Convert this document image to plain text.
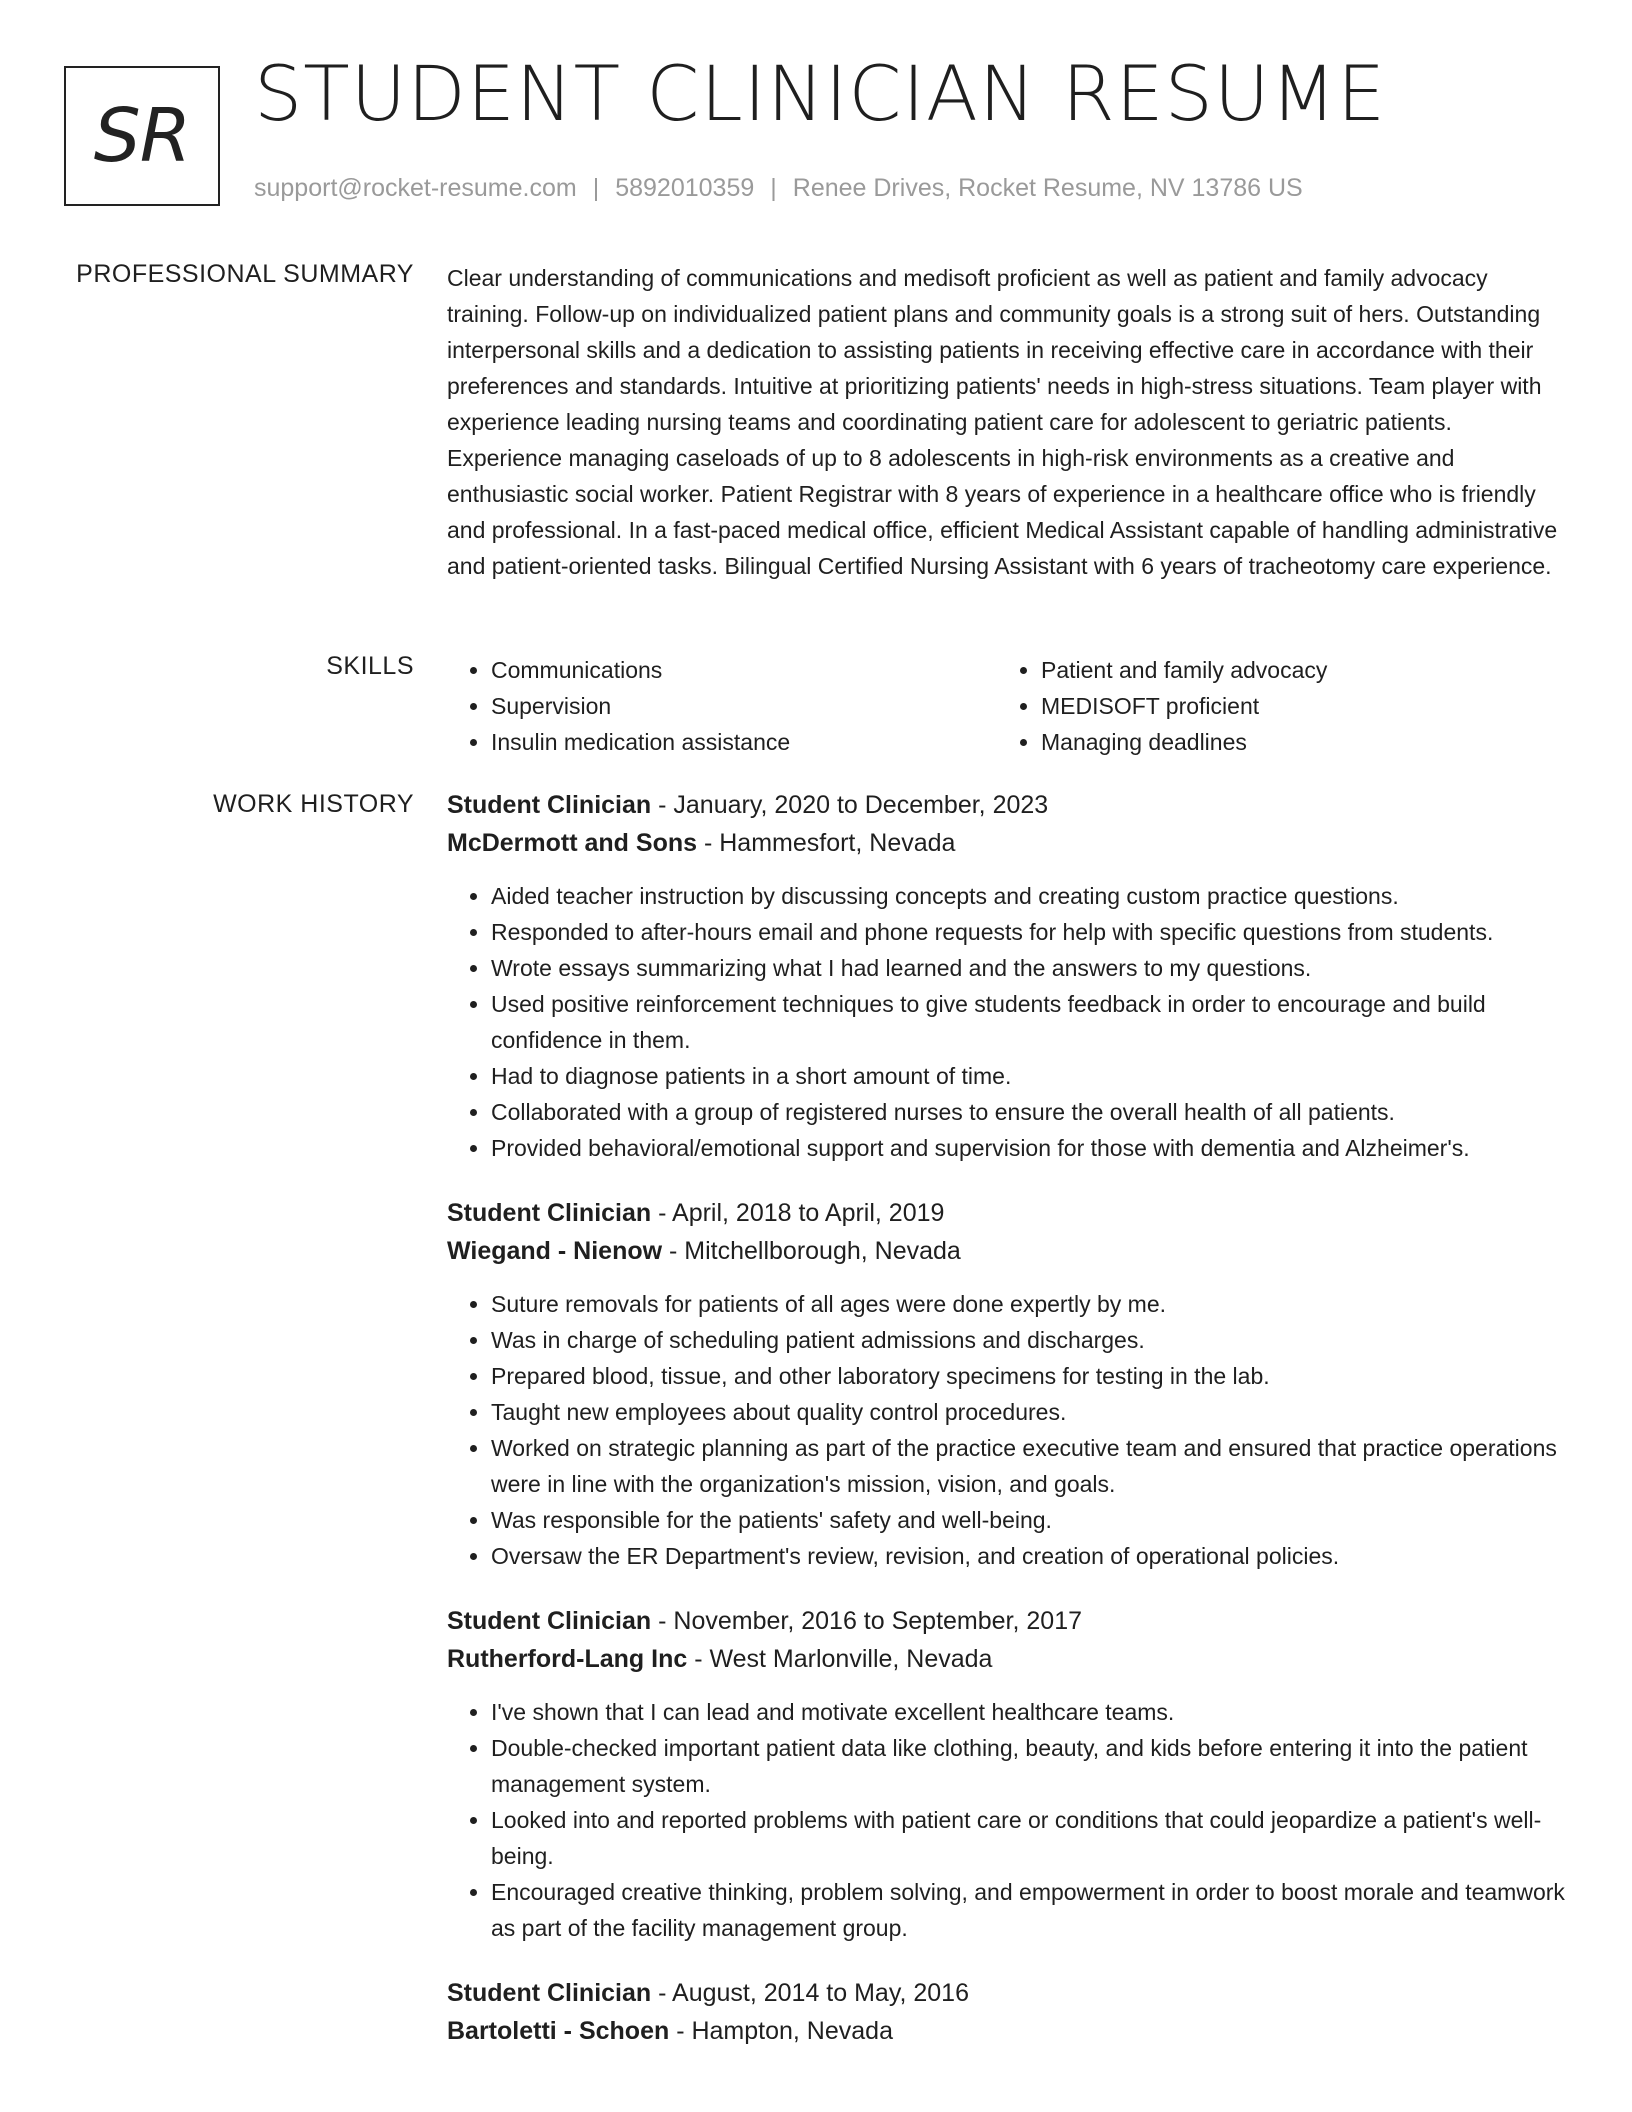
SR STUDENT CLINICIAN RESUME
support@rocket-resume.com | 5892010359 | Renee Drives, Rocket Resume, NV 13786 US
PROFESSIONAL SUMMARY Clear understanding of communications and medisoft proficient as well as patient and family advocacy training. Follow-up on individualized patient plans and community goals is a strong suit of hers. Outstanding interpersonal skills and a dedication to assisting patients in receiving effective care in accordance with their preferences and standards. Intuitive at prioritizing patients' needs in high-stress situations. Team player with experience leading nursing teams and coordinating patient care for adolescent to geriatric patients. Experience managing caseloads of up to 8 adolescents in high-risk environments as a creative and enthusiastic social worker. Patient Registrar with 8 years of experience in a healthcare office who is friendly and professional. In a fast-paced medical office, efficient Medical Assistant capable of handling administrative and patient-oriented tasks. Bilingual Certified Nursing Assistant with 6 years of tracheotomy care experience.

SKILLS
•	Communications
• Supervision
• Insulin medication assistance
• Patient and family advocacy
• MEDISOFT proficient
• Managing deadlines
WORK HISTORY Student Clinician - January, 2020 to December, 2023
McDermott and Sons - Hammesfort, Nevada
• Aided teacher instruction by discussing concepts and creating custom practice questions.
• Responded to after-hours email and phone requests for help with specific questions from students.
• Wrote essays summarizing what I had learned and the answers to my questions.
• Used positive reinforcement techniques to give students feedback in order to encourage and build confidence in them.
• Had to diagnose patients in a short amount of time.
• Collaborated with a group of registered nurses to ensure the overall health of all patients.
• Provided behavioral/emotional support and supervision for those with dementia and Alzheimer's.
Student Clinician - April, 2018 to April, 2019
Wiegand - Nienow - Mitchellborough, Nevada
• Suture removals for patients of all ages were done expertly by me.
• Was in charge of scheduling patient admissions and discharges.
• Prepared blood, tissue, and other laboratory specimens for testing in the lab.
• Taught new employees about quality control procedures.
• Worked on strategic planning as part of the practice executive team and ensured that practice operations were in line with the organization's mission, vision, and goals.
• Was responsible for the patients' safety and well-being.
• Oversaw the ER Department's review, revision, and creation of operational policies.
Student Clinician - November, 2016 to September, 2017
Rutherford-Lang Inc - West Marlonville, Nevada
• I've shown that I can lead and motivate excellent healthcare teams.
• Double-checked important patient data like clothing, beauty, and kids before entering it into the patient management system.
• Looked into and reported problems with patient care or conditions that could jeopardize a patient's well-being.
• Encouraged creative thinking, problem solving, and empowerment in order to boost morale and teamwork as part of the facility management group.
Student Clinician - August, 2014 to May, 2016
Bartoletti - Schoen - Hampton, Nevada
